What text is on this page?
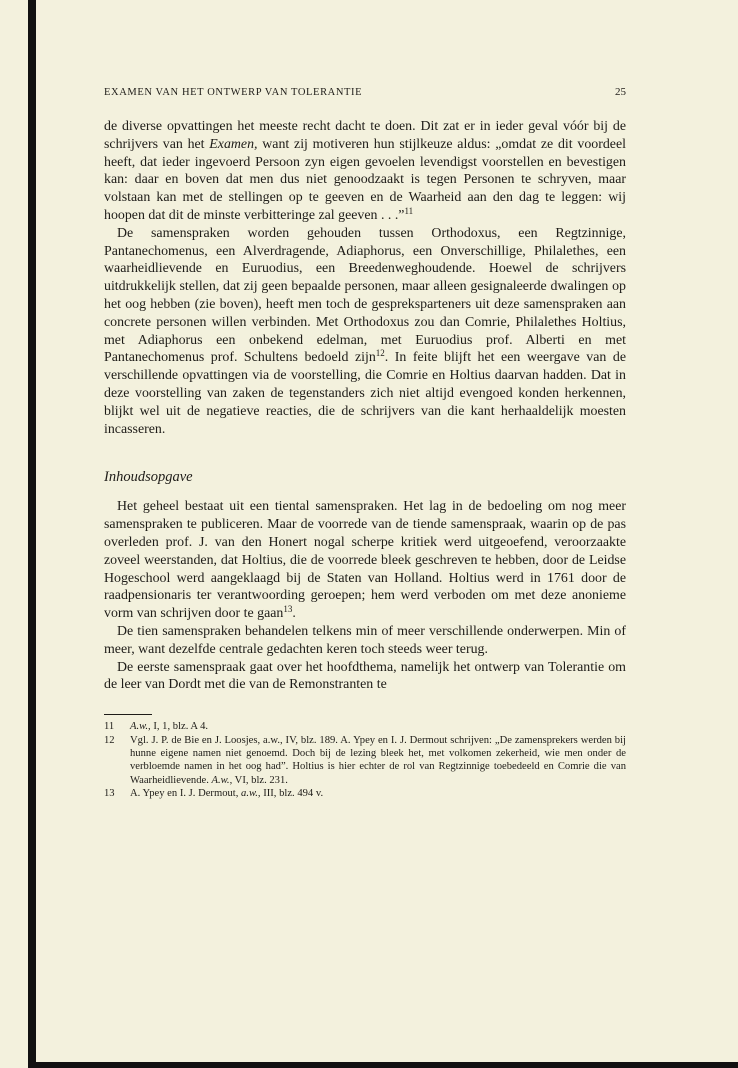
EXAMEN VAN HET ONTWERP VAN TOLERANTIE	25

de diverse opvattingen het meeste recht dacht te doen. Dit zat er in ieder geval vóór bij de schrijvers van het Examen, want zij motiveren hun stijlkeuze aldus: „omdat ze dit voordeel heeft, dat ieder ingevoerd Persoon zyn eigen gevoelen levendigst voorstellen en bevestigen kan: daar en boven dat men dus niet genoodzaakt is tegen Personen te schryven, maar volstaan kan met de stellingen op te geeven en de Waarheid aan den dag te leggen: wij hoopen dat dit de minste verbitteringe zal geeven . . .”$^{11}$

De samenspraken worden gehouden tussen Orthodoxus, een Regtzinnige, Pantanechomenus, een Alverdragende, Adiaphorus, een Onverschillige, Philalethes, een waarheidlievende en Euruodius, een Breedenweghoudende. Hoewel de schrijvers uitdrukkelijk stellen, dat zij geen bepaalde personen, maar alleen gesignaleerde dwalingen op het oog hebben (zie boven), heeft men toch de gespreksparteners uit deze samenspraken aan concrete personen willen verbinden. Met Orthodoxus zou dan Comrie, Philalethes Holtius, met Adiaphorus een onbekend edelman, met Euruodius prof. Alberti en met Pantanechomenus prof. Schultens bedoeld zijn$^{12}$. In feite blijft het een weergave van de verschillende opvattingen via de voorstelling, die Comrie en Holtius daarvan hadden. Dat in deze voorstelling van zaken de tegenstanders zich niet altijd evengoed konden herkennen, blijkt wel uit de negatieve reacties, die de schrijvers van die kant herhaaldelijk moesten incasseren.

Inhoudsopgave

Het geheel bestaat uit een tiental samenspraken. Het lag in de bedoeling om nog meer samenspraken te publiceren. Maar de voorrede van de tiende samenspraak, waarin op de pas overleden prof. J. van den Honert nogal scherpe kritiek werd uitgeoefend, veroorzaakte zoveel weerstanden, dat Holtius, die de voorrede bleek geschreven te hebben, door de Leidse Hogeschool werd aangeklaagd bij de Staten van Holland. Holtius werd in 1761 door de raadpensionaris ter verantwoording geroepen; hem werd verboden om met deze anonieme vorm van schrijven door te gaan$^{13}$.

De tien samenspraken behandelen telkens min of meer verschillende onderwerpen. Min of meer, want dezelfde centrale gedachten keren toch steeds weer terug.

De eerste samenspraak gaat over het hoofdthema, namelijk het ontwerp van Tolerantie om de leer van Dordt met die van de Remonstranten te

11	A.w., I, 1, blz. A 4.
12	Vgl. J. P. de Bie en J. Loosjes, a.w., IV, blz. 189. A. Ypey en I. J. Dermout schrijven: „De zamensprekers werden bij hunne eigene namen niet genoemd. Doch bij de lezing bleek het, met volkomen zekerheid, wie men onder de verbloemde namen in het oog had”. Holtius is hier echter de rol van Regtzinnige toebedeeld en Comrie die van Waarheidlievende. A.w., VI, blz. 231.
13	A. Ypey en I. J. Dermout, a.w., III, blz. 494 v.
